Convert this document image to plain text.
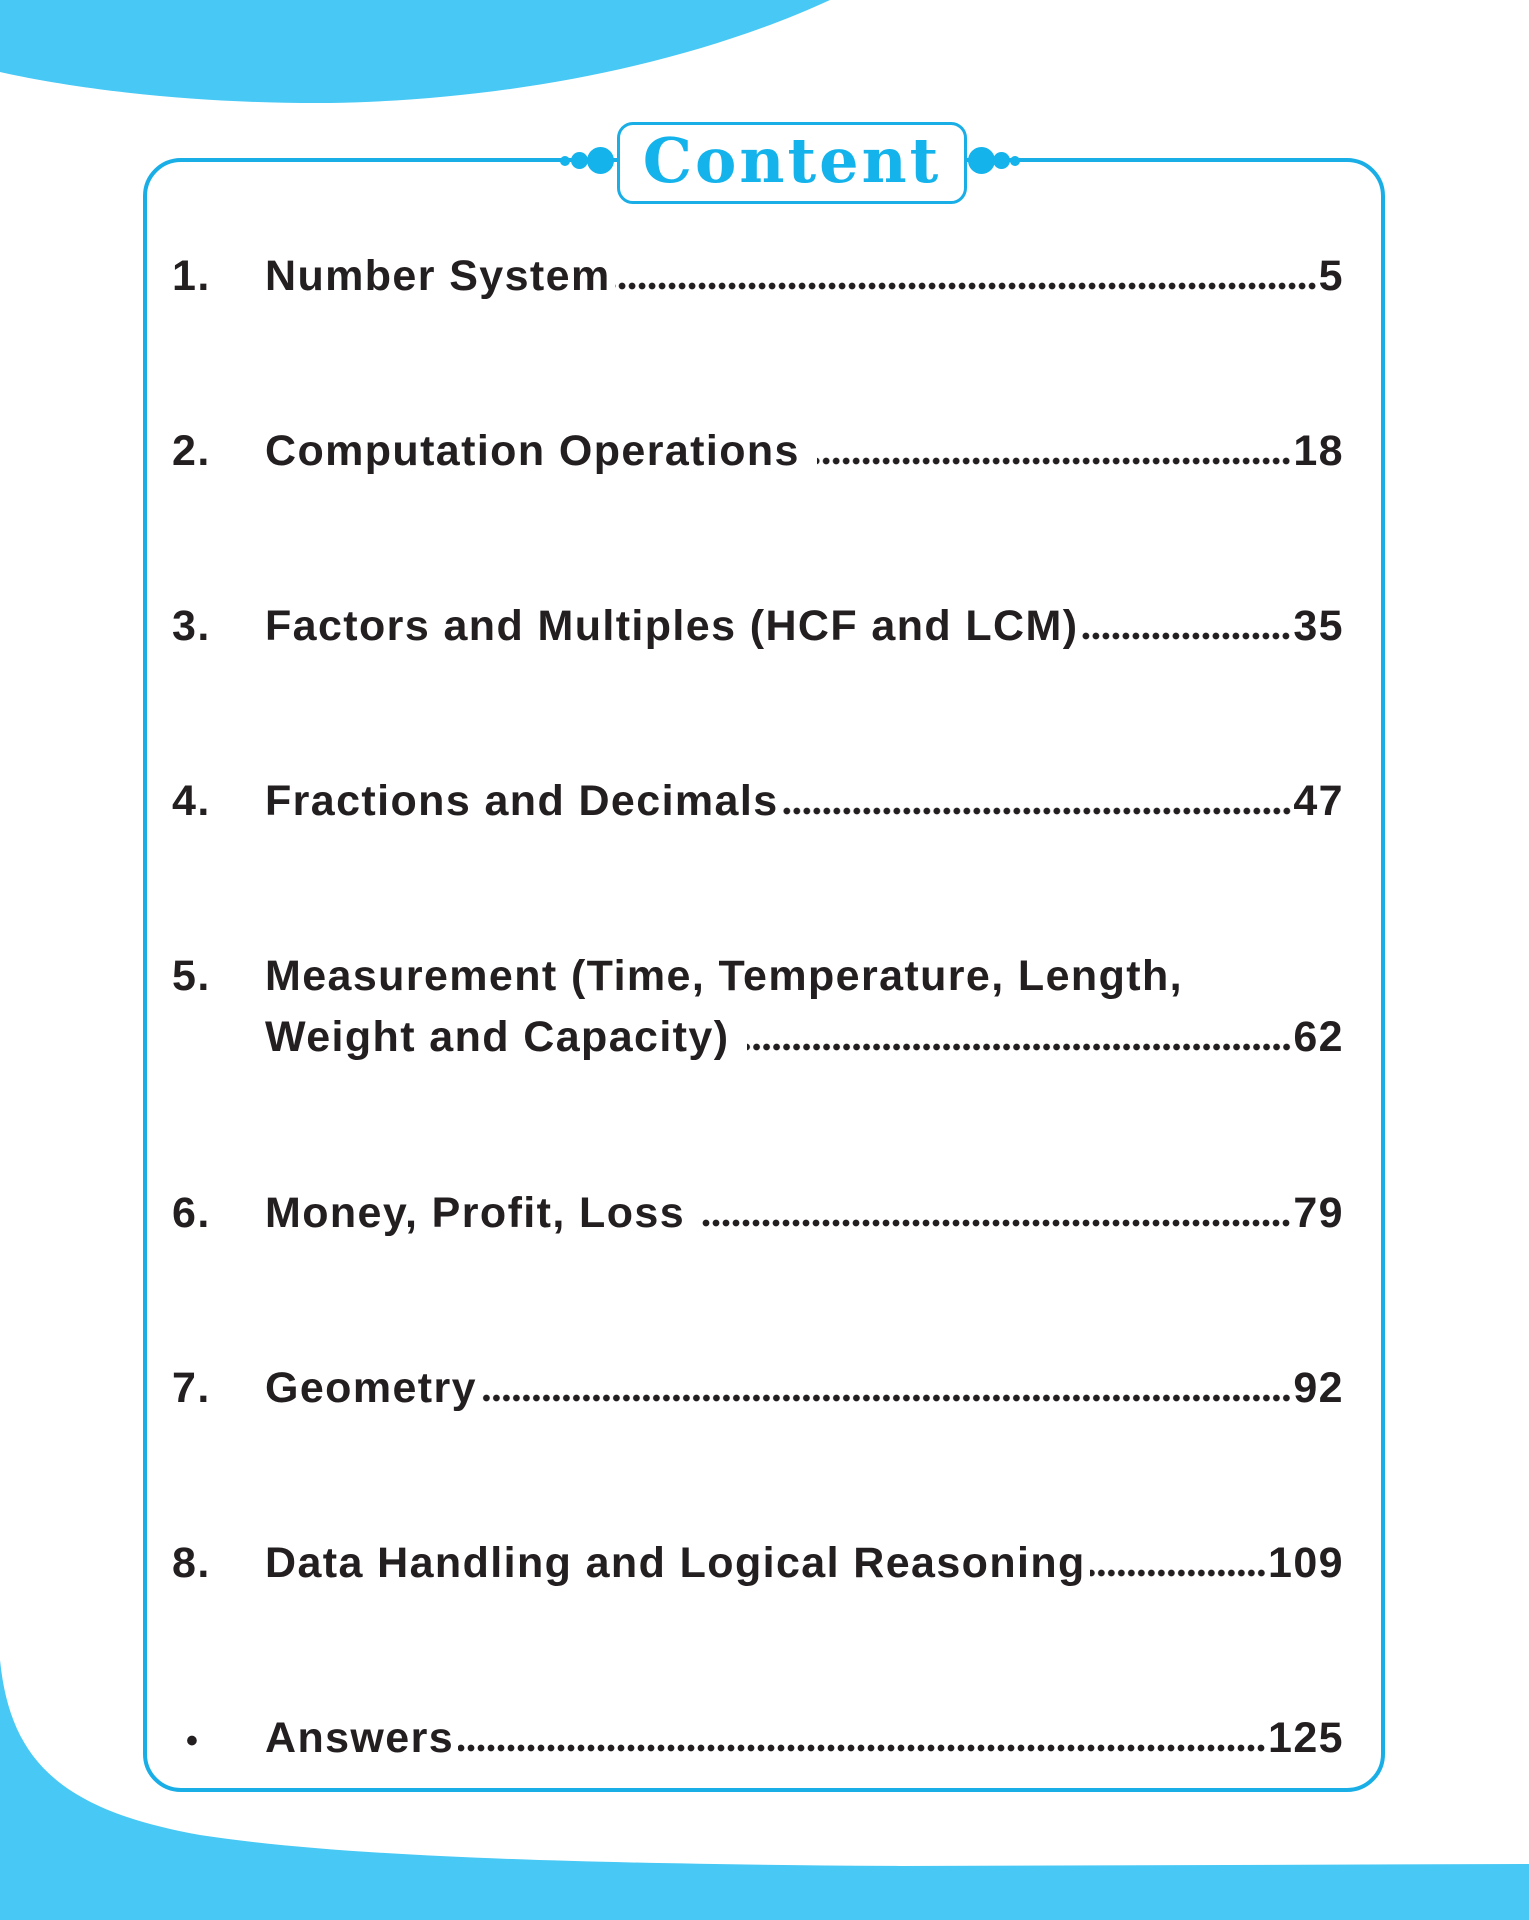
Content
1.	Number System	5
2.	Computation Operations	18
3.	Factors and Multiples (HCF and LCM)	35
4.	Fractions and Decimals	47
5.	Measurement (Time, Temperature, Length,
Weight and Capacity)	62
6.	Money, Profit, Loss	79
7.	Geometry	92
8.	Data Handling and Logical Reasoning	109
•	Answers	125
